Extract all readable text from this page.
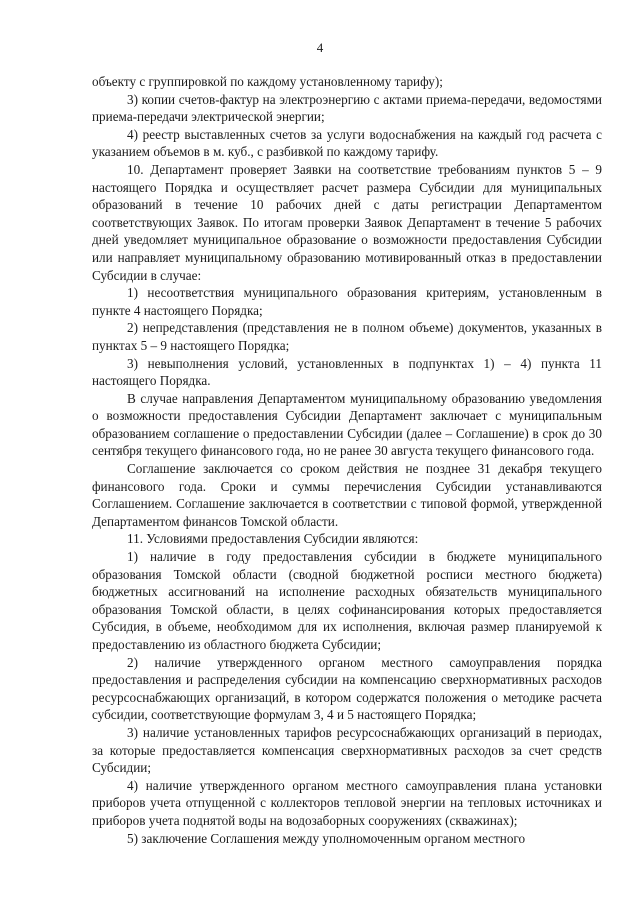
4

объекту с группировкой по каждому установленному тарифу);

3) копии счетов-фактур на электроэнергию с актами приема-передачи, ведомостями приема-передачи электрической энергии;

4) реестр выставленных счетов за услуги водоснабжения на каждый год расчета с указанием объемов в м. куб., с разбивкой по каждому тарифу.

10. Департамент проверяет Заявки на соответствие требованиям пунктов 5 – 9 настоящего Порядка и осуществляет расчет размера Субсидии для муниципальных образований в течение 10 рабочих дней с даты регистрации Департаментом соответствующих Заявок. По итогам проверки Заявок Департамент в течение 5 рабочих дней уведомляет муниципальное образование о возможности предоставления Субсидии или направляет муниципальному образованию мотивированный отказ в предоставлении Субсидии в случае:

1) несоответствия муниципального образования критериям, установленным в пункте 4 настоящего Порядка;

2) непредставления (представления не в полном объеме) документов, указанных в пунктах 5 – 9 настоящего Порядка;

3) невыполнения условий, установленных в подпунктах 1) – 4) пункта 11 настоящего Порядка.

В случае направления Департаментом муниципальному образованию уведомления о возможности предоставления Субсидии Департамент заключает с муниципальным образованием соглашение о предоставлении Субсидии (далее – Соглашение) в срок до 30 сентября текущего финансового года, но не ранее 30 августа текущего финансового года.

Соглашение заключается со сроком действия не позднее 31 декабря текущего финансового года. Сроки и суммы перечисления Субсидии устанавливаются Соглашением. Соглашение заключается в соответствии с типовой формой, утвержденной Департаментом финансов Томской области.

11. Условиями предоставления Субсидии являются:

1) наличие в году предоставления субсидии в бюджете муниципального образования Томской области (сводной бюджетной росписи местного бюджета) бюджетных ассигнований на исполнение расходных обязательств муниципального образования Томской области, в целях софинансирования которых предоставляется Субсидия, в объеме, необходимом для их исполнения, включая размер планируемой к предоставлению из областного бюджета Субсидии;

2) наличие утвержденного органом местного самоуправления порядка предоставления и распределения субсидии на компенсацию сверхнормативных расходов ресурсоснабжающих организаций, в котором содержатся положения о методике расчета субсидии, соответствующие формулам 3, 4 и 5 настоящего Порядка;

3) наличие установленных тарифов ресурсоснабжающих организаций в периодах, за которые предоставляется компенсация сверхнормативных расходов за счет средств Субсидии;

4) наличие утвержденного органом местного самоуправления плана установки приборов учета отпущенной с коллекторов тепловой энергии на тепловых источниках и приборов учета поднятой воды на водозаборных сооружениях (скважинах);

5) заключение Соглашения между уполномоченным органом местного
